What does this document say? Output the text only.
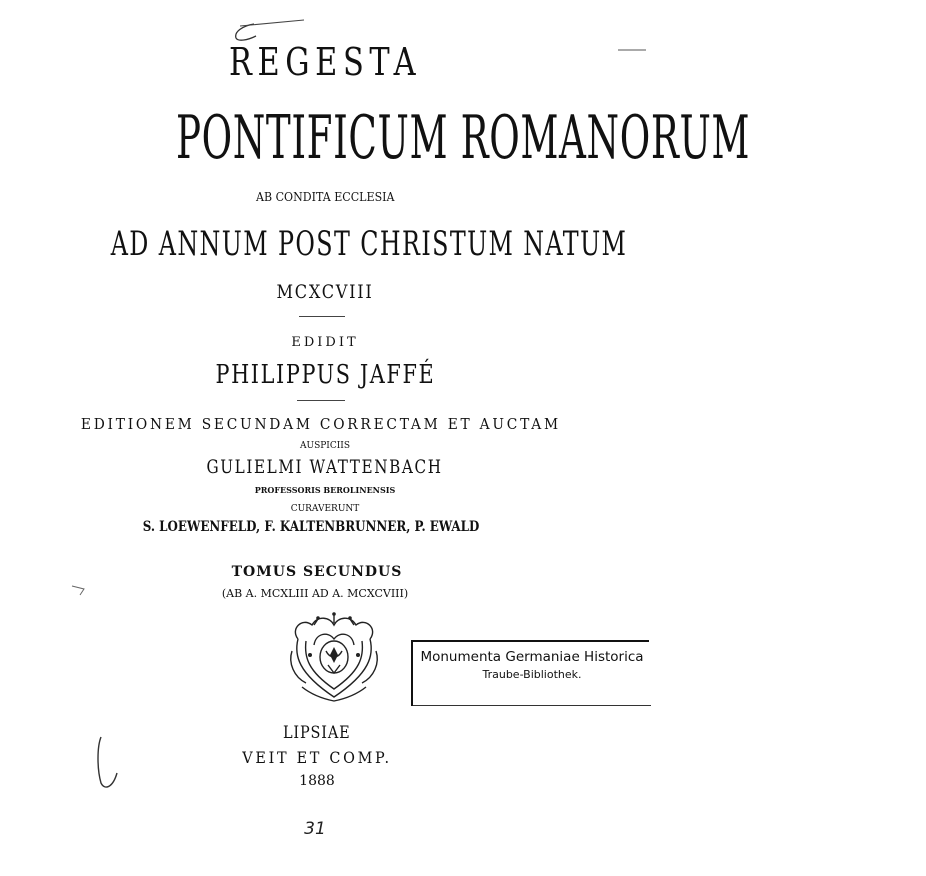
REGESTA
PONTIFICUM ROMANORUM
AB CONDITA ECCLESIA
AD ANNUM POST CHRISTUM NATUM
MCXCVIII
EDIDIT
PHILIPPUS JAFFÉ
EDITIONEM SECUNDAM CORRECTAM ET AUCTAM
AUSPICIIS
GULIELMI WATTENBACH
PROFESSORIS BEROLINENSIS
CURAVERUNT
S. LOEWENFELD, F. KALTENBRUNNER, P. EWALD
TOMUS SECUNDUS
(AB A. MCXLIII AD A. MCXCVIII)
Monumenta Germaniae Historica
Traube-Bibliothek.
LIPSIAE
VEIT ET COMP.
1888
31
